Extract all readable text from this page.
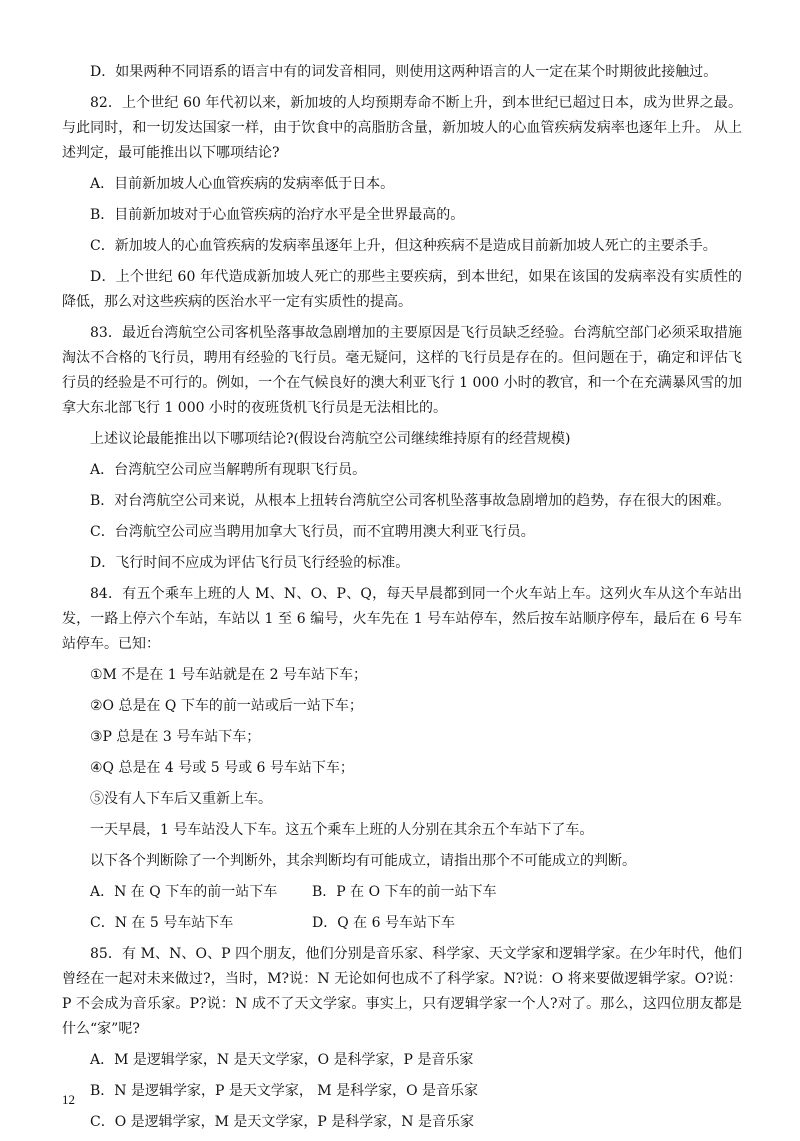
D．如果两种不同语系的语言中有的词发音相同，则使用这两种语言的人一定在某个时期彼此接触过。

82．上个世纪 60 年代初以来，新加坡的人均预期寿命不断上升，到本世纪已超过日本，成为世界之最。与此同时，和一切发达国家一样，由于饮食中的高脂肪含量，新加坡人的心血管疾病发病率也逐年上升。 从上述判定，最可能推出以下哪项结论?

A．目前新加坡人心血管疾病的发病率低于日本。

B．目前新加坡对于心血管疾病的治疗水平是全世界最高的。

C．新加坡人的心血管疾病的发病率虽逐年上升，但这种疾病不是造成目前新加坡人死亡的主要杀手。

D．上个世纪 60 年代造成新加坡人死亡的那些主要疾病，到本世纪，如果在该国的发病率没有实质性的降低，那么对这些疾病的医治水平一定有实质性的提高。

83．最近台湾航空公司客机坠落事故急剧增加的主要原因是飞行员缺乏经验。台湾航空部门必须采取措施淘汰不合格的飞行员，聘用有经验的飞行员。毫无疑问，这样的飞行员是存在的。但问题在于，确定和评估飞行员的经验是不可行的。例如，一个在气候良好的澳大利亚飞行 1 000 小时的教官，和一个在充满暴风雪的加拿大东北部飞行 1 000 小时的夜班货机飞行员是无法相比的。

上述议论最能推出以下哪项结论?(假设台湾航空公司继续维持原有的经营规模)

A．台湾航空公司应当解聘所有现职飞行员。

B．对台湾航空公司来说，从根本上扭转台湾航空公司客机坠落事故急剧增加的趋势，存在很大的困难。

C．台湾航空公司应当聘用加拿大飞行员，而不宜聘用澳大利亚飞行员。

D．飞行时间不应成为评估飞行员飞行经验的标准。

84．有五个乘车上班的人 M、N、O、P、Q，每天早晨都到同一个火车站上车。这列火车从这个车站出发，一路上停六个车站，车站以 1 至 6 编号，火车先在 1 号车站停车，然后按车站顺序停车，最后在 6 号车站停车。已知：

①M 不是在 1 号车站就是在 2 号车站下车；

②O 总是在 Q 下车的前一站或后一站下车；

③P 总是在 3 号车站下车；

④Q 总是在 4 号或 5 号或 6 号车站下车；

⑤没有人下车后又重新上车。

一天早晨，1 号车站没人下车。这五个乘车上班的人分别在其余五个车站下了车。

以下各个判断除了一个判断外，其余判断均有可能成立，请指出那个不可能成立的判断。

A．N 在 Q 下车的前一站下车	B．P 在 O 下车的前一站下车
C．N 在 5 号车站下车	D．Q 在 6 号车站下车

85．有 M、N、O、P 四个朋友，他们分别是音乐家、科学家、天文学家和逻辑学家。在少年时代，他们曾经在一起对未来做过?，当时，M?说：N 无论如何也成不了科学家。N?说：O 将来要做逻辑学家。O?说：P 不会成为音乐家。P?说：N 成不了天文学家。事实上，只有逻辑学家一个人?对了。那么，这四位朋友都是什么“家”呢?

A．M 是逻辑学家，N 是天文学家，O 是科学家，P 是音乐家

B．N 是逻辑学家，P 是天文学家， M 是科学家，O 是音乐家

C．O 是逻辑学家，M 是天文学家，P 是科学家，N 是音乐家

12
